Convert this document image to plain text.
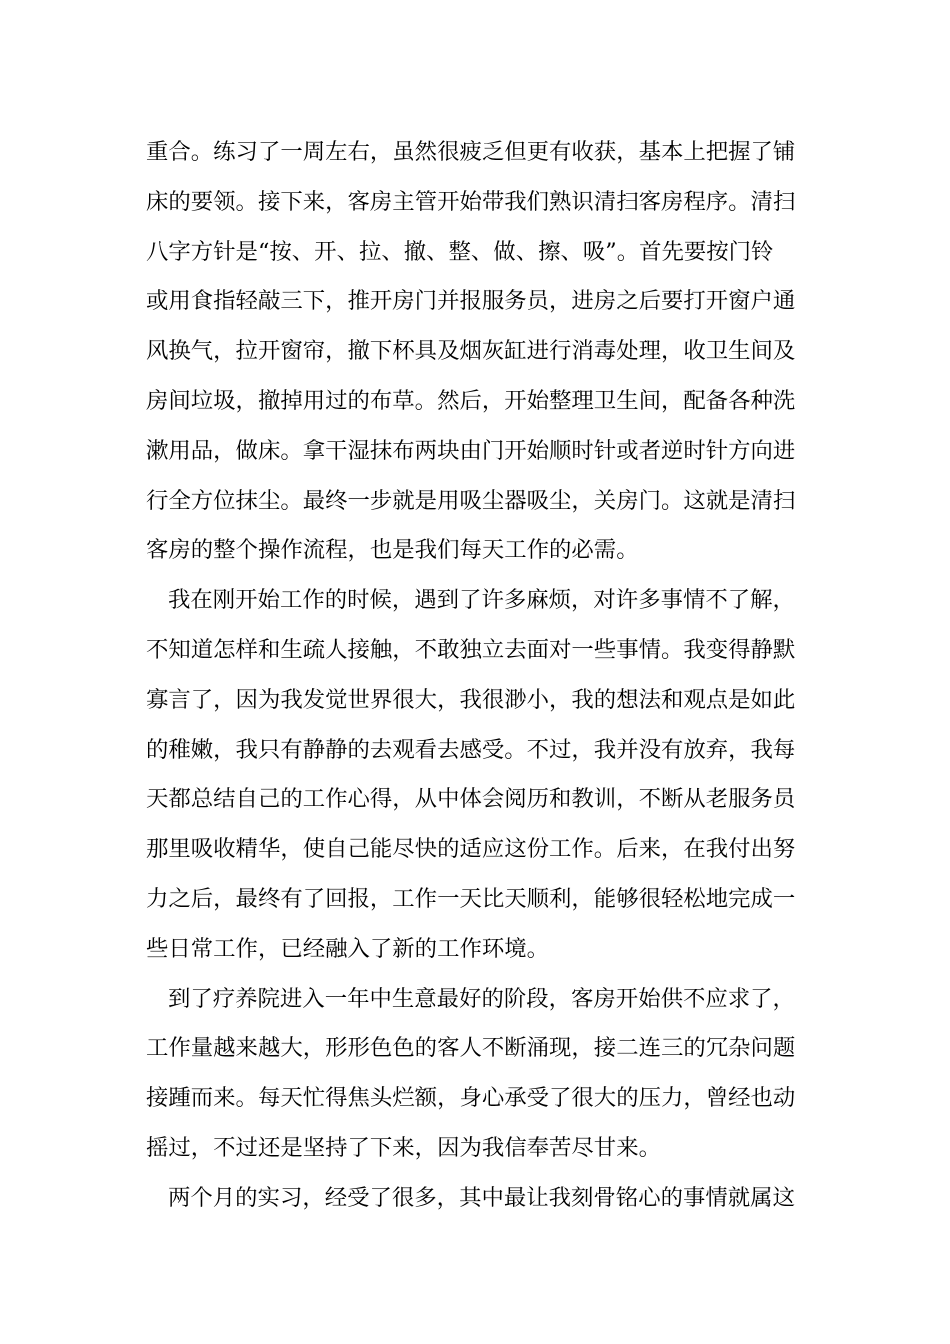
重合。练习了一周左右，虽然很疲乏但更有收获，基本上把握了铺
床的要领。接下来，客房主管开始带我们熟识清扫客房程序。清扫
八字方针是“按、开、拉、撤、整、做、擦、吸”。首先要按门铃
或用食指轻敲三下，推开房门并报服务员，进房之后要打开窗户通
风换气，拉开窗帘，撤下杯具及烟灰缸进行消毒处理，收卫生间及
房间垃圾，撤掉用过的布草。然后，开始整理卫生间，配备各种洗
漱用品，做床。拿干湿抹布两块由门开始顺时针或者逆时针方向进
行全方位抹尘。最终一步就是用吸尘器吸尘，关房门。这就是清扫
客房的整个操作流程，也是我们每天工作的必需。
我在刚开始工作的时候，遇到了许多麻烦，对许多事情不了解，
不知道怎样和生疏人接触，不敢独立去面对一些事情。我变得静默
寡言了，因为我发觉世界很大，我很渺小，我的想法和观点是如此
的稚嫩，我只有静静的去观看去感受。不过，我并没有放弃，我每
天都总结自己的工作心得，从中体会阅历和教训，不断从老服务员
那里吸收精华，使自己能尽快的适应这份工作。后来，在我付出努
力之后，最终有了回报，工作一天比天顺利，能够很轻松地完成一
些日常工作，已经融入了新的工作环境。
到了疗养院进入一年中生意最好的阶段，客房开始供不应求了，
工作量越来越大，形形色色的客人不断涌现，接二连三的冗杂问题
接踵而来。每天忙得焦头烂额，身心承受了很大的压力，曾经也动
摇过，不过还是坚持了下来，因为我信奉苦尽甘来。
两个月的实习，经受了很多，其中最让我刻骨铭心的事情就属这
